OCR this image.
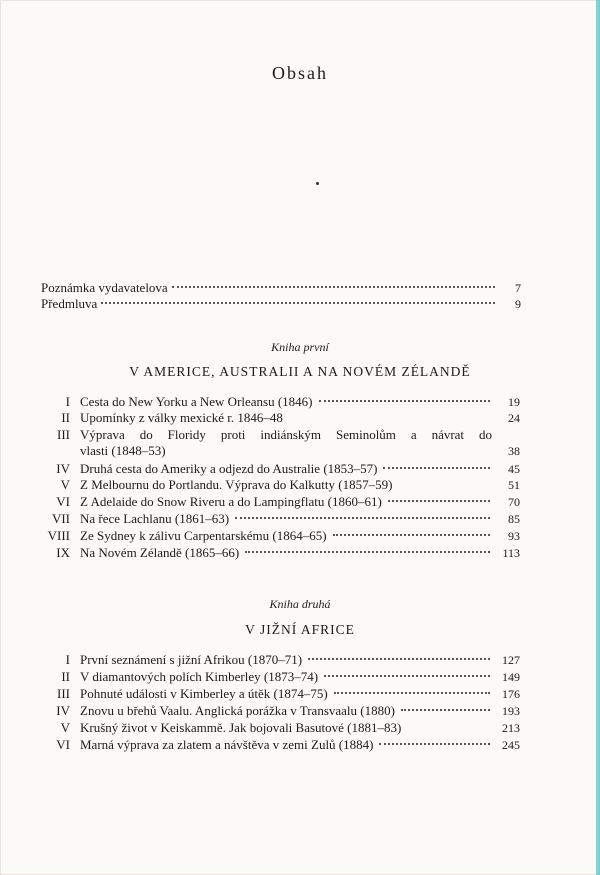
Obsah
Poznámka vydavatelova	7
Předmluva	9
Kniha první
V AMERICE, AUSTRALII A NA NOVÉM ZÉLANDĚ
I Cesta do New Yorku a New Orleansu (1846)	19
II Upomínky z války mexické r. 1846–48	24
III Výprava do Floridy proti indiánským Seminolům a návrat do
vlasti (1848–53)	38
IV Druhá cesta do Ameriky a odjezd do Australie (1853–57)	45
V Z Melbournu do Portlandu. Výprava do Kalkutty (1857–59)	51
VI Z Adelaide do Snow Riveru a do Lampingflatu (1860–61)	70
VII Na řece Lachlanu (1861–63)	85
VIII Ze Sydney k zálivu Carpentarskému (1864–65)	93
IX Na Novém Zélandě (1865–66)	113
Kniha druhá
V JIŽNÍ AFRICE
I První seznámení s jižní Afrikou (1870–71)	127
II V diamantových polích Kimberley (1873–74)	149
III Pohnuté události v Kimberley a útěk (1874–75)	176
IV Znovu u břehů Vaalu. Anglická porážka v Transvaalu (1880)	193
V Krušný život v Keiskammě. Jak bojovali Basutové (1881–83)	213
VI Marná výprava za zlatem a návštěva v zemi Zulů (1884)	245
